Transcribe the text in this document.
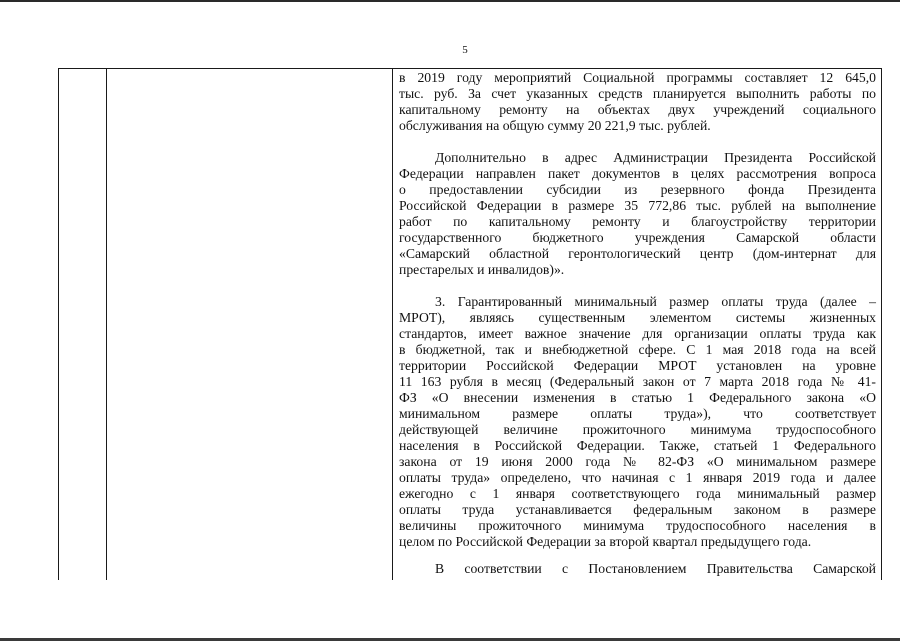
5
в 2019 году мероприятий Социальной программы составляет 12 645,0
тыс. руб. За счет указанных средств планируется выполнить работы по
капитальному ремонту на объектах двух учреждений социального
обслуживания на общую сумму 20 221,9 тыс. рублей.
Дополнительно в адрес Администрации Президента Российской
Федерации направлен пакет документов в целях рассмотрения вопроса
о предоставлении субсидии из резервного фонда Президента
Российской Федерации в размере 35 772,86 тыс. рублей на выполнение
работ по капитальному ремонту и благоустройству территории
государственного бюджетного учреждения Самарской области
«Самарский областной геронтологический центр (дом-интернат для
престарелых и инвалидов)».
3. Гарантированный минимальный размер оплаты труда (далее –
МРОТ), являясь существенным элементом системы жизненных
стандартов, имеет важное значение для организации оплаты труда как
в бюджетной, так и внебюджетной сфере. С 1 мая 2018 года на всей
территории Российской Федерации МРОТ установлен на уровне
11 163 рубля в месяц (Федеральный закон от 7 марта 2018 года № 41-
ФЗ «О внесении изменения в статью 1 Федерального закона «О
минимальном размере оплаты труда»), что соответствует
действующей величине прожиточного минимума трудоспособного
населения в Российской Федерации. Также, статьей 1 Федерального
закона от 19 июня 2000 года № 82-ФЗ «О минимальном размере
оплаты труда» определено, что начиная с 1 января 2019 года и далее
ежегодно с 1 января соответствующего года минимальный размер
оплаты труда устанавливается федеральным законом в размере
величины прожиточного минимума трудоспособного населения в
целом по Российской Федерации за второй квартал предыдущего года.
В соответствии с Постановлением Правительства Самарской
